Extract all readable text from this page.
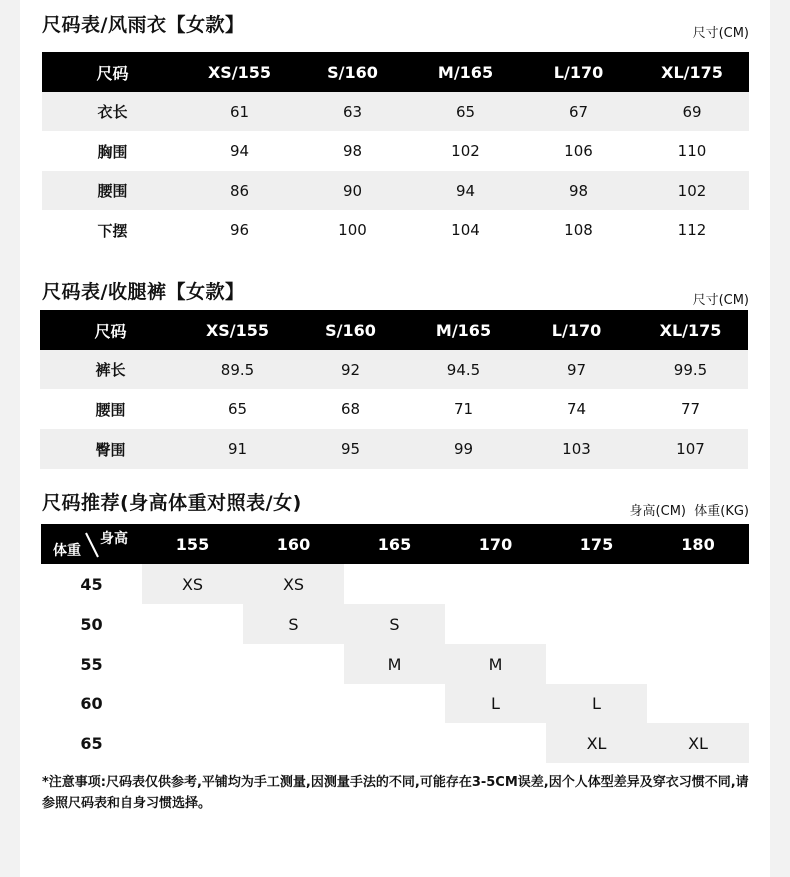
尺码表/风雨衣【女款】	尺寸(CM)
尺码	XS/155	S/160	M/165	L/170	XL/175
衣长	61	63	65	67	69
胸围	94	98	102	106	110
腰围	86	90	94	98	102
下摆	96	100	104	108	112
尺码表/收腿裤【女款】	尺寸(CM)
尺码	XS/155	S/160	M/165	L/170	XL/175
裤长	89.5	92	94.5	97	99.5
腰围	65	68	71	74	77
臀围	91	95	99	103	107
尺码推荐(身高体重对照表/女)	身高(CM)  体重(KG)
身高
体重	155	160	165	170	175	180
45	XS	XS				
50		S	S			
55			M	M		
60				L	L	
65					XL	XL
*注意事项:尺码表仅供参考,平铺均为手工测量,因测量手法的不同,可能存在3-5CM误差,因个人体型差异及穿衣习惯不同,请参照尺码表和自身习惯选择。
